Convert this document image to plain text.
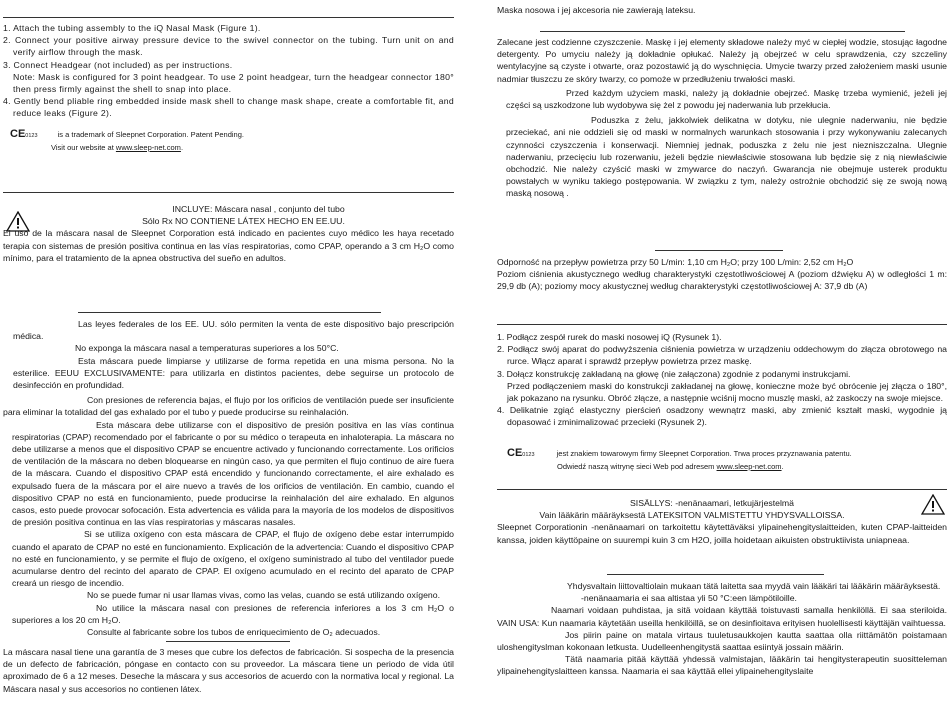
1. Attach the tubing assembly to the iQ Nasal Mask (Figure 1).

2. Connect your positive airway pressure device to the swivel connector on the tubing. Turn unit on and verify airflow through the mask.

3. Connect Headgear (not included) as per instructions.

Note: Mask is configured for 3 point headgear. To use 2 point headgear, turn the headgear connector 180° then press firmly against the shell to snap into place.

4. Gently bend pliable ring embedded inside mask shell to change mask shape, create a comfortable fit, and reduce leaks (Figure 2).

CE0123	is a trademark of Sleepnet Corporation. Patent Pending.

Visit our website at www.sleep-net.com.

INCLUYE: Máscara nasal , conjunto del tubo

Sólo Rx NO CONTIENE LÁTEX HECHO EN EE.UU.

El uso de la máscara nasal de Sleepnet Corporation está indicado en pacientes cuyo médico les haya recetado terapia con sistemas de presión positiva continua en las vías respiratorias, como CPAP, operando a 3 cm H₂O como mínimo, para el tratamiento de la apnea obstructiva del sueño en adultos.

Las leyes federales de los EE. UU. sólo permiten la venta de este dispositivo bajo prescripción médica.

No exponga la máscara nasal a temperaturas superiores a los 50°C.

Esta máscara puede limpiarse y utilizarse de forma repetida en una misma persona. No la esterilice. EEUU EXCLUSIVAMENTE: para utilizarla en distintos pacientes, debe seguirse un protocolo de desinfección en profundidad.

Con presiones de referencia bajas, el flujo por los orificios de ventilación puede ser insuficiente para eliminar la totalidad del gas exhalado por el tubo y puede producirse su reinhalación.

Esta máscara debe utilizarse con el dispositivo de presión positiva en las vías continua respiratorias (CPAP) recomendado por el fabricante o por su médico o terapeuta en inhaloterapia. La máscara no debe utilizarse a menos que el dispositivo CPAP se encuentre activado y funcionando correctamente. Los orificios de ventilación de la máscara no deben bloquearse en ningún caso, ya que permiten el flujo continuo de aire fuera de la máscara. Cuando el dispositivo CPAP está encendido y funcionando correctamente, el aire exhalado es expulsado fuera de la máscara por el aire nuevo a través de los orificios de ventilación. En cambio, cuando el dispositivo CPAP no está en funcionamiento, puede producirse la reinhalación del aire exhalado. En algunos casos, esto puede provocar sofocación. Esta advertencia es válida para la mayoría de los modelos de dispositivos de presión positiva continua en las vías respiratorias y máscaras nasales.

Si se utiliza oxígeno con esta máscara de CPAP, el flujo de oxígeno debe estar interrumpido cuando el aparato de CPAP no esté en funcionamiento. Explicación de la advertencia: Cuando el dispositivo CPAP no esté en funcionamiento, y se permite el flujo de oxígeno, el oxígeno suministrado al tubo del ventilador puede acumularse dentro del recinto del aparato de CPAP. El oxígeno acumulado en el recinto del aparato de CPAP creará un riesgo de incendio.

No se puede fumar ni usar llamas vivas, como las velas, cuando se está utilizando oxígeno.

No utilice la máscara nasal con presiones de referencia inferiores a los 3 cm H₂O o superiores a los 20 cm H₂O.

Consulte al fabricante sobre los tubos de enriquecimiento de O₂ adecuados.

La máscara nasal tiene una garantía de 3 meses que cubre los defectos de fabricación. Si sospecha de la presencia de un defecto de fabricación, póngase en contacto con su proveedor. La máscara tiene un periodo de vida útil aproximado de 6 a 12 meses. Deseche la máscara y sus accesorios de acuerdo con la normativa local y regional. La Máscara nasal y sus accesorios no contienen látex.

Maska nosowa i jej akcesoria nie zawierają lateksu.

Zalecane jest codzienne czyszczenie. Maskę i jej elementy składowe należy myć w ciepłej wodzie, stosując łagodne detergenty. Po umyciu należy ją dokładnie opłukać. Należy ją obejrzeć w celu sprawdzenia, czy szczeliny wentylacyjne są czyste i otwarte, oraz pozostawić ją do wyschnięcia. Umycie twarzy przed założeniem maski usunie nadmiar tłuszczu ze skóry twarzy, co pomoże w przedłużeniu trwałości maski.

Przed każdym użyciem maski, należy ją dokładnie obejrzeć. Maskę trzeba wymienić, jeżeli jej części są uszkodzone lub wydobywa się żel z powodu jej naderwania lub przekłucia.

Poduszka z żelu, jakkolwiek delikatna w dotyku, nie ulegnie naderwaniu, nie będzie przeciekać, ani nie oddzieli się od maski w normalnych warunkach stosowania i przy wykonywaniu zalecanych czynności czyszczenia i konserwacji. Niemniej jednak, poduszka z żelu nie jest niezniszczalna. Ulegnie naderwaniu, przecięciu lub rozerwaniu, jeżeli będzie niewłaściwie stosowana lub będzie się z nią niewłaściwie obchodzić. Nie należy czyścić maski w zmywarce do naczyń. Gwarancja nie obejmuje usterek produktu powstałych w wyniku takiego postępowania. W związku z tym, należy ostrożnie obchodzić się ze swoją nową maską nosową .

Odporność na przepływ powietrza przy 50 L/min: 1,10 cm H₂O; przy 100 L/min: 2,52 cm H₂O

Poziom ciśnienia akustycznego według charakterystyki częstotliwościowej A (poziom dźwięku A) w odległości 1 m: 29,9 db (A); poziomy mocy akustycznej według charakterystyki częstotliwościowej A: 37,9 db (A)

1. Podłącz zespół rurek do maski nosowej iQ (Rysunek 1).

2. Podłącz swój aparat do podwyższenia ciśnienia powietrza w urządzeniu oddechowym do złącza obrotowego na rurce. Włącz aparat i sprawdź przepływ powietrza przez maskę.

3. Dołącz konstrukcję zakładaną na głowę (nie załączona) zgodnie z podanymi instrukcjami.

Przed podłączeniem maski do konstrukcji zakładanej na głowę, konieczne może być obrócenie jej złącza o 180°, jak pokazano na rysunku. Obróć złącze, a następnie wciśnij mocno muszlę maski, aż zaskoczy na swoje miejsce.

4. Delikatnie zgiąć elastyczny pierścień osadzony wewnątrz maski, aby zmienić kształt maski, wygodnie ją dopasować i zminimalizować przecieki (Rysunek 2).

CE0123	jest znakiem towarowym firmy Sleepnet Corporation. Trwa proces przyznawania patentu.

Odwiedź naszą witrynę sieci Web pod adresem www.sleep-net.com.

SISÄLLYS: -nenänaamari, letkujärjestelmä

Vain lääkärin määräyksestä LATEKSITON VALMISTETTU YHDYSVALLOISSA.

Sleepnet Corporationin -nenänaamari on tarkoitettu käytettäväksi ylipainehengityslaitteiden, kuten CPAP-laitteiden kanssa, joiden käyttöpaine on suurempi kuin 3 cm H2O, joilla hoidetaan aikuisten obstruktiivista uniapneaa.

Yhdysvaltain liittovaltiolain mukaan tätä laitetta saa myydä vain lääkäri tai lääkärin määräyksestä.

-nenänaamaria ei saa altistaa yli 50 °C:een lämpötiloille.

Naamari voidaan puhdistaa, ja sitä voidaan käyttää toistuvasti samalla henkilöllä. Ei saa steriloida. VAIN USA: Kun naamaria käytetään useilla henkilöillä, se on desinfioitava erityisen huolellisesti käyttäjän vaihtuessa.

Jos piirin paine on matala virtaus tuuletusaukkojen kautta saattaa olla riittämätön poistamaan uloshengityslman kokonaan letkusta. Uudelleenhengitystä saattaa esiintyä jossain määrin.

Tätä naamaria pitää käyttää yhdessä valmistajan, lääkärin tai hengitysterapeutin suositteleman ylipainehengityslaitteen kanssa. Naamaria ei saa käyttää ellei ylipainehengityslaite
